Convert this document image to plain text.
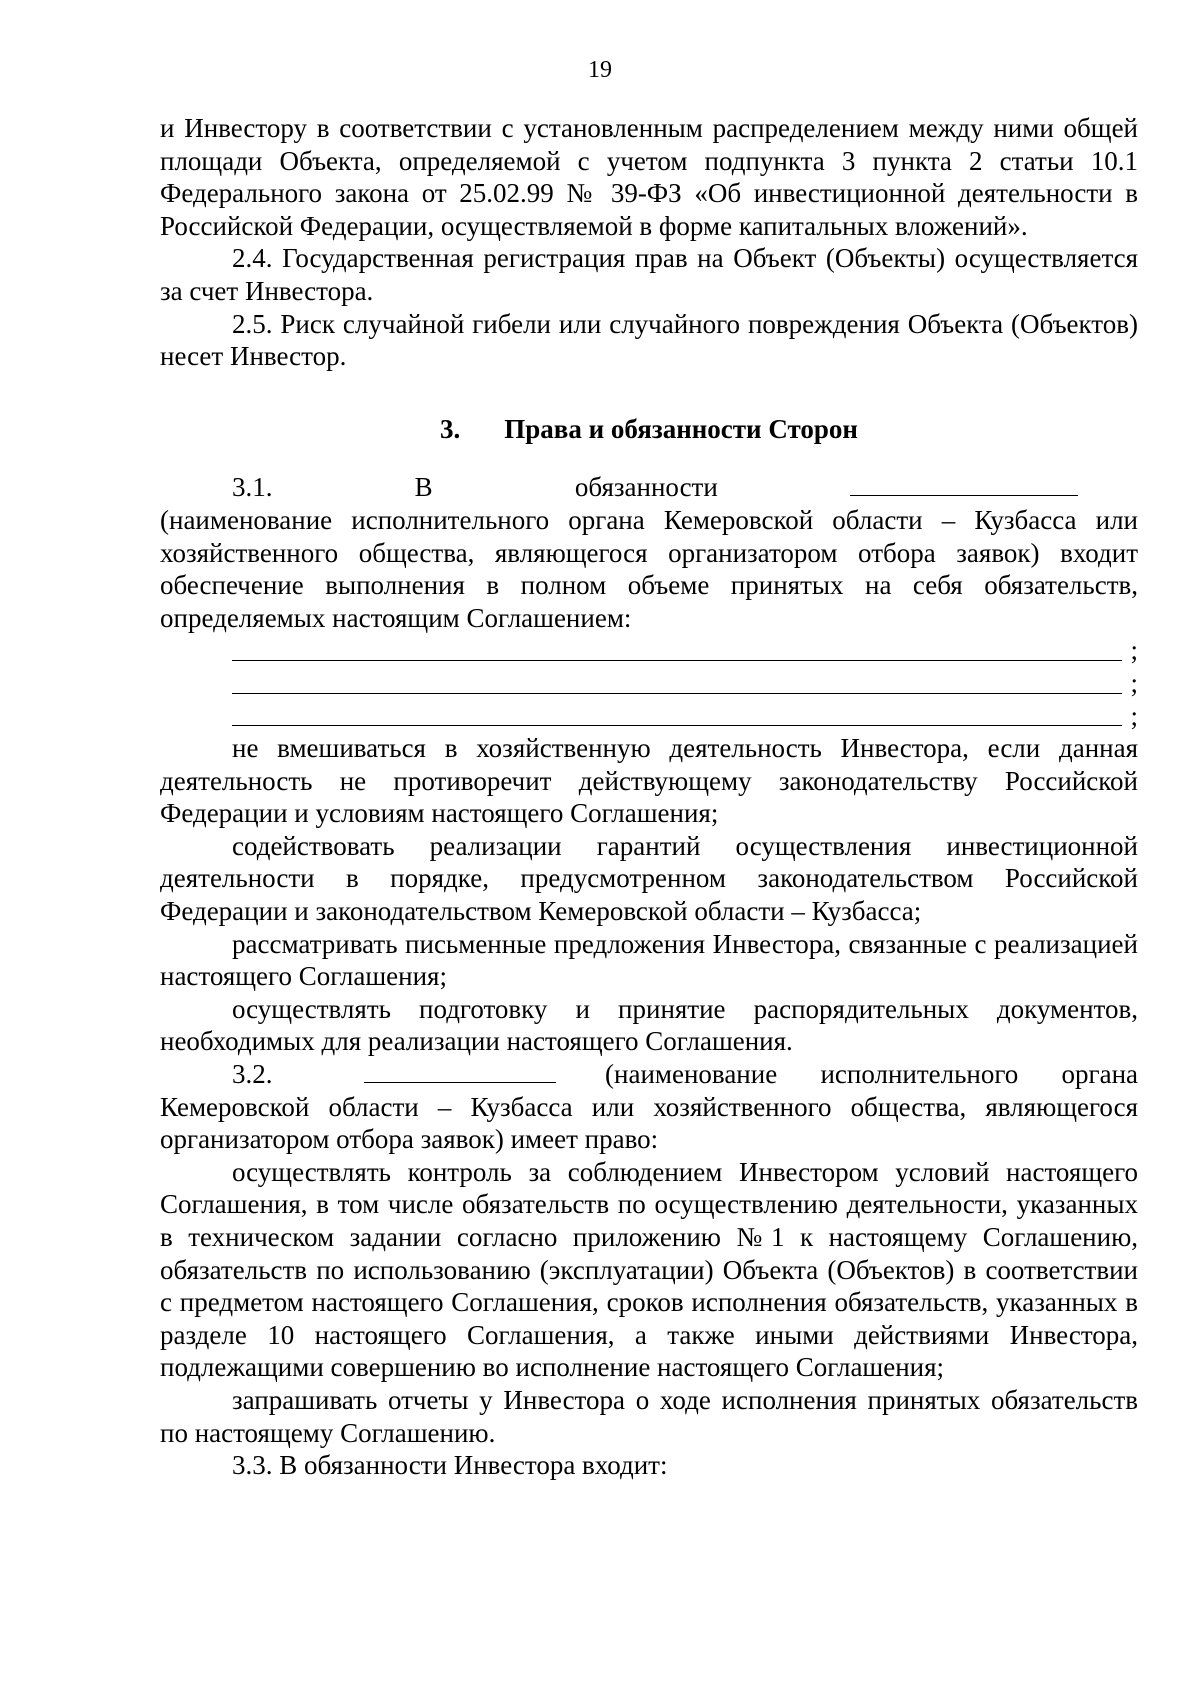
19

и Инвестору в соответствии с установленным распределением между ними общей площади Объекта, определяемой с учетом подпункта 3 пункта 2 статьи 10.1 Федерального закона от 25.02.99 № 39-ФЗ «Об инвестиционной деятельности в Российской Федерации, осуществляемой в форме капитальных вложений».

2.4. Государственная регистрация прав на Объект (Объекты) осуществляется за счет Инвестора.

2.5. Риск случайной гибели или случайного повреждения Объекта (Объектов) несет Инвестор.

3. Права и обязанности Сторон

3.1. В обязанности  (наименование исполнительного органа Кемеровской области – Кузбасса или хозяйственного общества, являющегося организатором отбора заявок) входит обеспечение выполнения в полном объеме принятых на себя обязательств, определяемых настоящим Соглашением:

;
;
;

не вмешиваться в хозяйственную деятельность Инвестора, если данная деятельность не противоречит действующему законодательству Российской Федерации и условиям настоящего Соглашения;

содействовать реализации гарантий осуществления инвестиционной деятельности в порядке, предусмотренном законодательством Российской Федерации и законодательством Кемеровской области – Кузбасса;

рассматривать письменные предложения Инвестора, связанные с реализацией настоящего Соглашения;

осуществлять подготовку и принятие распорядительных документов, необходимых для реализации настоящего Соглашения.

3.2.	(наименование исполнительного органа Кемеровской области – Кузбасса или хозяйственного общества, являющегося организатором отбора заявок) имеет право:

осуществлять контроль за соблюдением Инвестором условий настоящего Соглашения, в том числе обязательств по осуществлению деятельности, указанных в техническом задании согласно приложению №1 к настоящему Соглашению, обязательств по использованию (эксплуатации) Объекта (Объектов) в соответствии с предметом настоящего Соглашения, сроков исполнения обязательств, указанных в разделе 10 настоящего Соглашения, а также иными действиями Инвестора, подлежащими совершению во исполнение настоящего Соглашения;

запрашивать отчеты у Инвестора о ходе исполнения принятых обязательств по настоящему Соглашению.

3.3. В обязанности Инвестора входит:
